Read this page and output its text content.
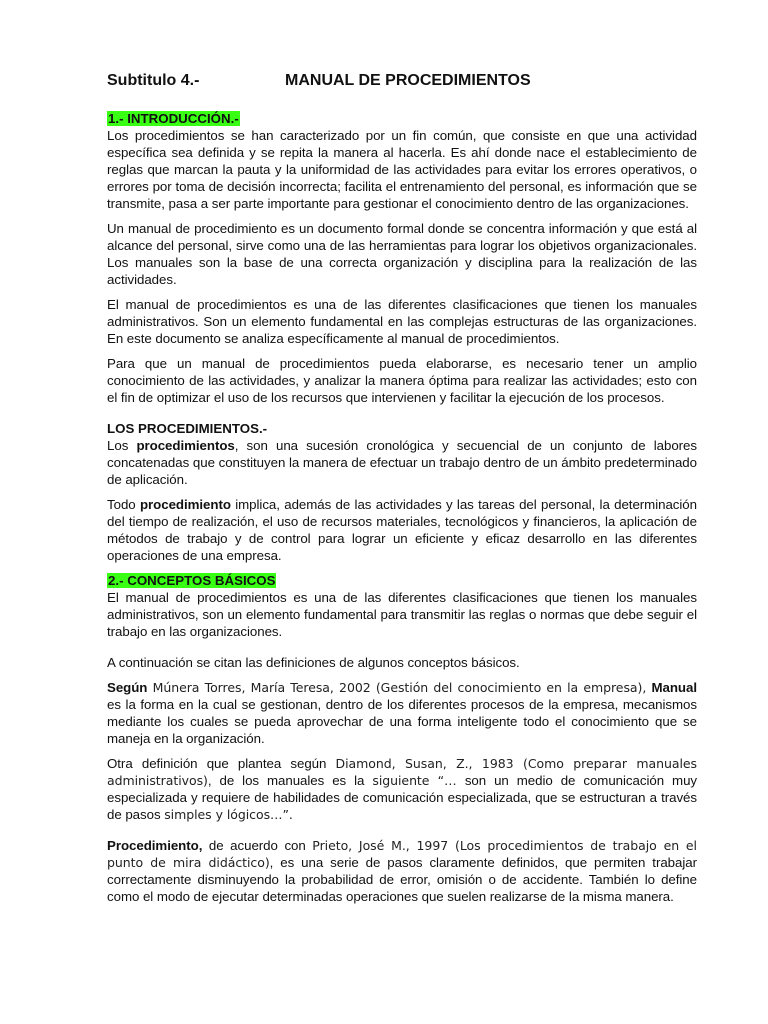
Subtitulo 4.-	MANUAL DE PROCEDIMIENTOS
1.- INTRODUCCIÓN.-

Los procedimientos se han caracterizado por un fin común, que consiste en que una actividad específica sea definida y se repita la manera al hacerla. Es ahí donde nace el establecimiento de reglas que marcan la pauta y la uniformidad de las actividades para evitar los errores operativos, o errores por toma de decisión incorrecta; facilita el entrenamiento del personal, es información que se transmite, pasa a ser parte importante para gestionar el conocimiento dentro de las organizaciones.

Un manual de procedimiento es un documento formal donde se concentra información y que está al alcance del personal, sirve como una de las herramientas para lograr los objetivos organizacionales. Los manuales son la base de una correcta organización y disciplina para la realización de las actividades.

El manual de procedimientos es una de las diferentes clasificaciones que tienen los manuales administrativos. Son un elemento fundamental en las complejas estructuras de las organizaciones. En este documento se analiza específicamente al manual de procedimientos.

Para que un manual de procedimientos pueda elaborarse, es necesario tener un amplio conocimiento de las actividades, y analizar la manera óptima para realizar las actividades; esto con el fin de optimizar el uso de los recursos que intervienen y facilitar la ejecución de los procesos.

LOS PROCEDIMIENTOS.-

Los procedimientos, son una sucesión cronológica y secuencial de un conjunto de labores concatenadas que constituyen la manera de efectuar un trabajo dentro de un ámbito predeterminado de aplicación.

Todo procedimiento implica, además de las actividades y las tareas del personal, la determinación del tiempo de realización, el uso de recursos materiales, tecnológicos y financieros, la aplicación de métodos de trabajo y de control para lograr un eficiente y eficaz desarrollo en las diferentes operaciones de una empresa.

2.- CONCEPTOS BÁSICOS

El manual de procedimientos es una de las diferentes clasificaciones que tienen los manuales administrativos, son un elemento fundamental para transmitir las reglas o normas que debe seguir el trabajo en las organizaciones.

A continuación se citan las definiciones de algunos conceptos básicos.

Según Múnera Torres, María Teresa, 2002 (Gestión del conocimiento en la empresa), Manual es la forma en la cual se gestionan, dentro de los diferentes procesos de la empresa, mecanismos mediante los cuales se pueda aprovechar de una forma inteligente todo el conocimiento que se maneja en la organización.

Otra definición que plantea según Diamond, Susan, Z., 1983 (Como preparar manuales administrativos), de los manuales es la siguiente “… son un medio de comunicación muy especializada y requiere de habilidades de comunicación especializada, que se estructuran a través de pasos simples y lógicos…”.

Procedimiento, de acuerdo con Prieto, José M., 1997 (Los procedimientos de trabajo en el punto de mira didáctico), es una serie de pasos claramente definidos, que permiten trabajar correctamente disminuyendo la probabilidad de error, omisión o de accidente. También lo define como el modo de ejecutar determinadas operaciones que suelen realizarse de la misma manera.
